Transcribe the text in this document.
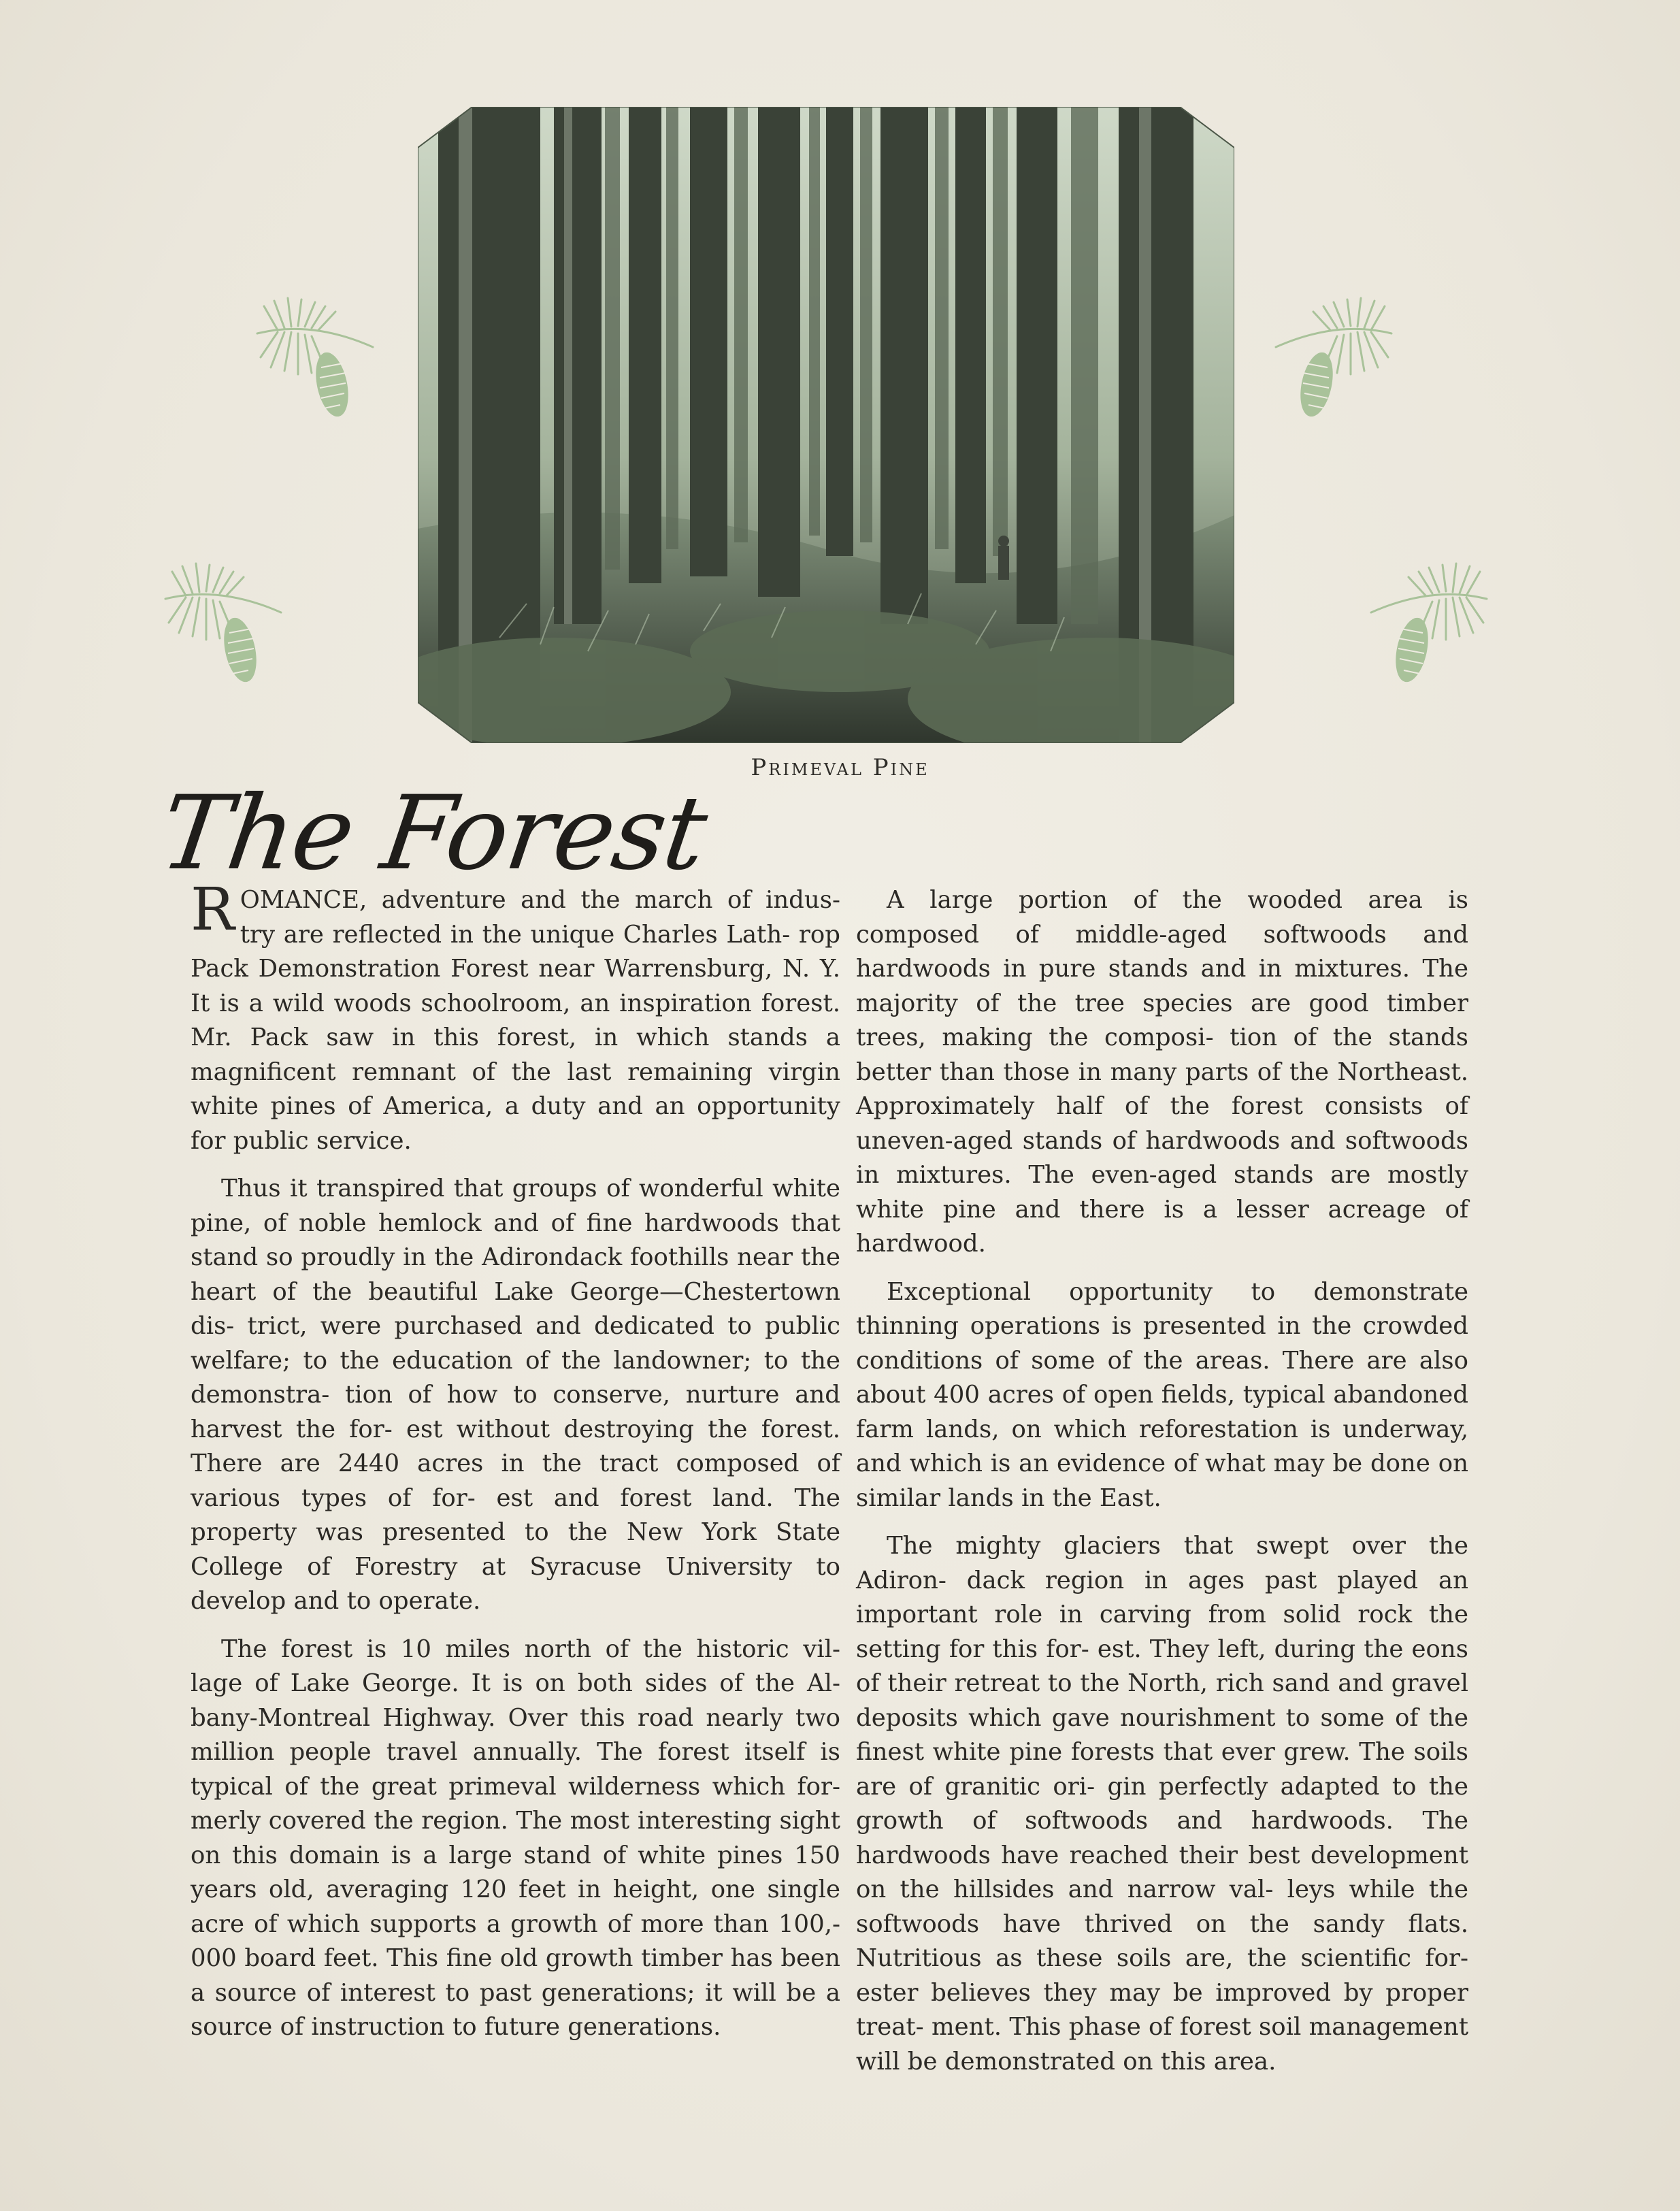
Primeval Pine
The Forest

ROMANCE, adventure and the march of indus- try are reflected in the unique Charles Lath- rop Pack Demonstration Forest near Warrensburg, N. Y. It is a wild woods schoolroom, an inspiration forest. Mr. Pack saw in this forest, in which stands a magnificent remnant of the last remaining virgin white pines of America, a duty and an opportunity for public service.

Thus it transpired that groups of wonderful white pine, of noble hemlock and of fine hardwoods that stand so proudly in the Adirondack foothills near the heart of the beautiful Lake George—Chestertown dis- trict, were purchased and dedicated to public welfare; to the education of the landowner; to the demonstra- tion of how to conserve, nurture and harvest the for- est without destroying the forest. There are 2440 acres in the tract composed of various types of for- est and forest land. The property was presented to the New York State College of Forestry at Syracuse University to develop and to operate.

The forest is 10 miles north of the historic vil- lage of Lake George. It is on both sides of the Al- bany-Montreal Highway. Over this road nearly two million people travel annually. The forest itself is typical of the great primeval wilderness which for- merly covered the region. The most interesting sight on this domain is a large stand of white pines 150 years old, averaging 120 feet in height, one single acre of which supports a growth of more than 100,- 000 board feet. This fine old growth timber has been a source of interest to past generations; it will be a source of instruction to future generations.

A large portion of the wooded area is composed of middle-aged softwoods and hardwoods in pure stands and in mixtures. The majority of the tree species are good timber trees, making the composi- tion of the stands better than those in many parts of the Northeast. Approximately half of the forest consists of uneven-aged stands of hardwoods and softwoods in mixtures. The even-aged stands are mostly white pine and there is a lesser acreage of hardwood.

Exceptional opportunity to demonstrate thinning operations is presented in the crowded conditions of some of the areas. There are also about 400 acres of open fields, typical abandoned farm lands, on which reforestation is underway, and which is an evidence of what may be done on similar lands in the East.

The mighty glaciers that swept over the Adiron- dack region in ages past played an important role in carving from solid rock the setting for this for- est. They left, during the eons of their retreat to the North, rich sand and gravel deposits which gave nourishment to some of the finest white pine forests that ever grew. The soils are of granitic ori- gin perfectly adapted to the growth of softwoods and hardwoods. The hardwoods have reached their best development on the hillsides and narrow val- leys while the softwoods have thrived on the sandy flats. Nutritious as these soils are, the scientific for- ester believes they may be improved by proper treat- ment. This phase of forest soil management will be demonstrated on this area.
